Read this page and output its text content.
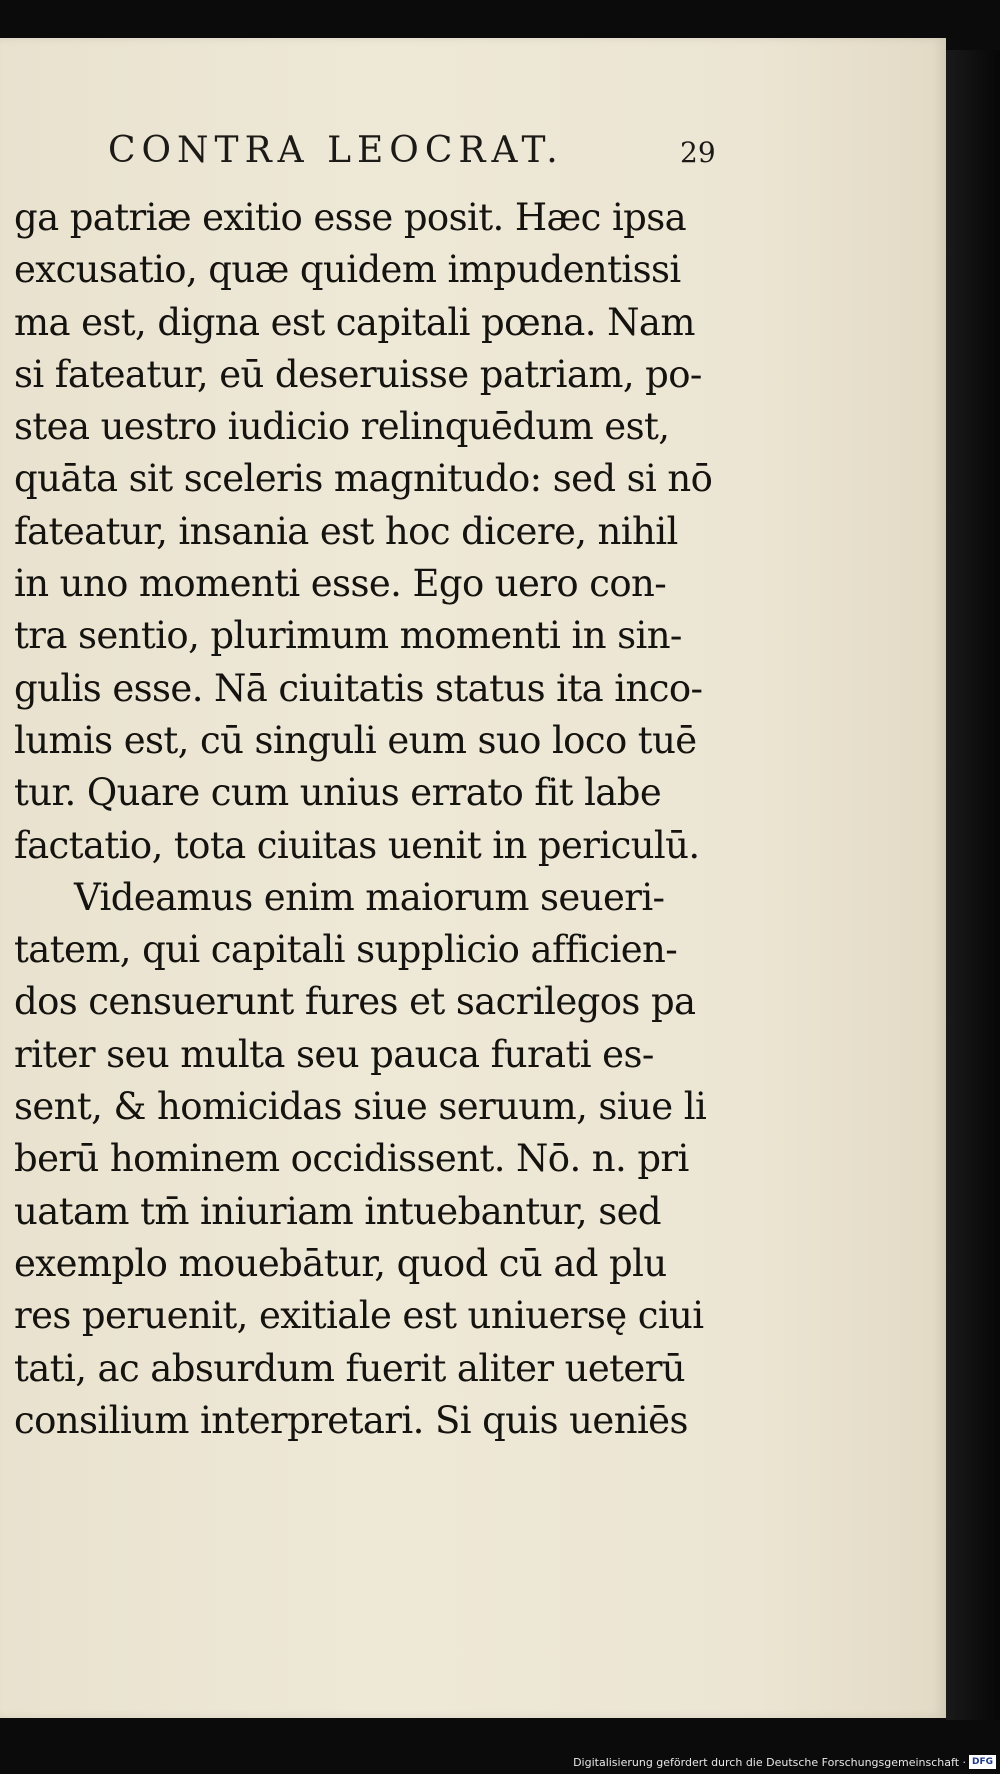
CONTRA LEOCRAT.	29
ga patriæ exitio esse posit. Hæc ipsa
excusatio, quæ quidem impudentissi
ma est, digna est capitali pœna. Nam
si fateatur, eū deseruisse patriam, po-
stea uestro iudicio relinquēdum est,
quāta sit sceleris magnitudo: sed si nō
fateatur, insania est hoc dicere, nihil
in uno momenti esse. Ego uero con-
tra sentio, plurimum momenti in sin-
gulis esse. Nā ciuitatis status ita inco-
lumis est, cū singuli eum suo loco tuē
tur. Quare cum unius errato fit labe
factatio, tota ciuitas uenit in periculū.
Videamus enim maiorum seueri-
tatem, qui capitali supplicio afficien-
dos censuerunt fures et sacrilegos pa
riter seu multa seu pauca furati es-
sent, & homicidas siue seruum, siue li
berū hominem occidissent. Nō. n. pri
uatam tm̄ iniuriam intuebantur, sed
exemplo mouebātur, quod cū ad plu
res peruenit, exitiale est uniuersę ciui
tati, ac absurdum fuerit aliter ueterū
consilium interpretari. Si quis ueniēs
Digitalisierung gefördert durch die Deutsche Forschungsgemeinschaft · DFG
